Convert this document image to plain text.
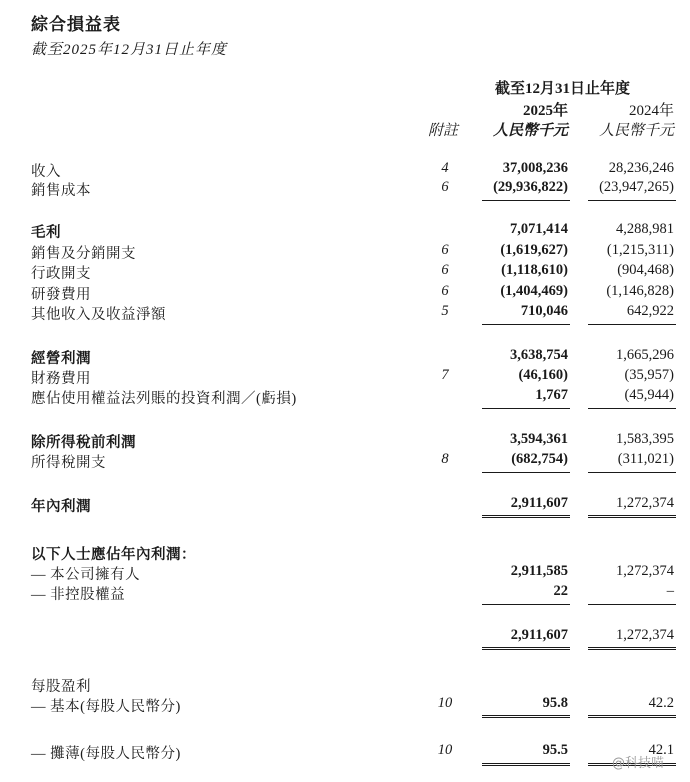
綜合損益表
截至2025年12月31日止年度
截至12月31日止年度
2025年	2024年
附註 人民幣千元 人民幣千元
收入	4	37,008,236	28,236,246
銷售成本	6	(29,936,822) (23,947,265)
毛利	7,071,414	4,288,981
銷售及分銷開支	6	(1,619,627)	(1,215,311)
行政開支	6	(1,118,610)	(904,468)
研發費用	6	(1,404,469)	(1,146,828)
其他收入及收益淨額	5	710,046	642,922
經營利潤	3,638,754	1,665,296
財務費用	7	(46,160)	(35,957)
應佔使用權益法列賬的投資利潤／(虧損)	1,767	(45,944)
除所得稅前利潤	3,594,361	1,583,395
所得稅開支	8	(682,754)	(311,021)
年內利潤	2,911,607	1,272,374
以下人士應佔年內利潤：
— 本公司擁有人	2,911,585	1,272,374
— 非控股權益	22	–
2,911,607	1,272,374
每股盈利
— 基本(每股人民幣分)	10	95.8	42.2
— 攤薄(每股人民幣分)	10	95.5	42.1
@科技喵
